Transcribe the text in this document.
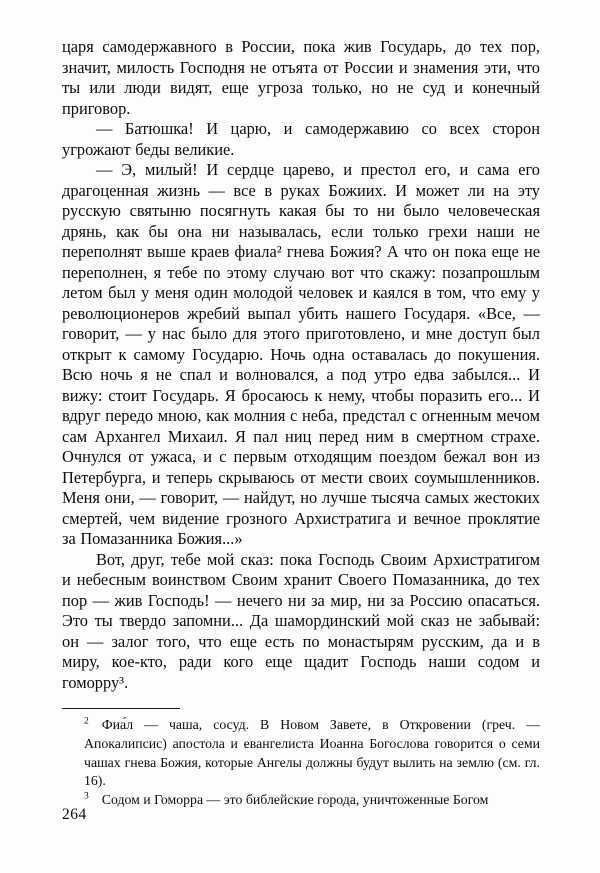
царя самодержавного в России, пока жив Государь, до тех пор, значит, милость Господня не отъята от России и знамения эти, что ты или люди видят, еще угроза только, но не суд и конечный приговор.

— Батюшка! И царю, и самодержавию со всех сторон угрожают беды великие.

— Э, милый! И сердце царево, и престол его, и сама его драгоценная жизнь — все в руках Божиих. И может ли на эту русскую святыню посягнуть какая бы то ни было человеческая дрянь, как бы она ни называлась, если только грехи наши не переполнят выше краев фиала² гнева Божия? А что он пока еще не переполнен, я тебе по этому случаю вот что скажу: позапрошлым летом был у меня один молодой человек и каялся в том, что ему у революционеров жребий выпал убить нашего Государя. «Все, — говорит, — у нас было для этого приготовлено, и мне доступ был открыт к самому Государю. Ночь одна оставалась до покушения. Всю ночь я не спал и волновался, а под утро едва забылся... И вижу: стоит Государь. Я бросаюсь к нему, чтобы поразить его... И вдруг передо мною, как молния с неба, предстал с огненным мечом сам Архангел Михаил. Я пал ниц перед ним в смертном страхе. Очнулся от ужаса, и с первым отходящим поездом бежал вон из Петербурга, и теперь скрываюсь от мести своих соумышленников. Меня они, — говорит, — найдут, но лучше тысяча самых жестоких смертей, чем видение грозного Архистратига и вечное проклятие за Помазанника Божия...»

Вот, друг, тебе мой сказ: пока Господь Своим Архистратигом и небесным воинством Своим хранит Своего Помазанника, до тех пор — жив Господь! — нечего ни за мир, ни за Россию опасаться. Это ты твердо запомни... Да шамординский мой сказ не забывай: он — залог того, что еще есть по монастырям русским, да и в миру, кое-кто, ради кого еще щадит Господь наши содом и гоморру³.

$^2$ Фиа́л — чаша, сосуд. В Новом Завете, в Откровении (греч. — Апокалипсис) апостола и евангелиста Иоанна Богослова говорится о семи чашах гнева Божия, которые Ангелы должны будут вылить на землю (см. гл. 16).

$^3$ Содом и Гоморра — это библейские города, уничтоженные Богом

264
